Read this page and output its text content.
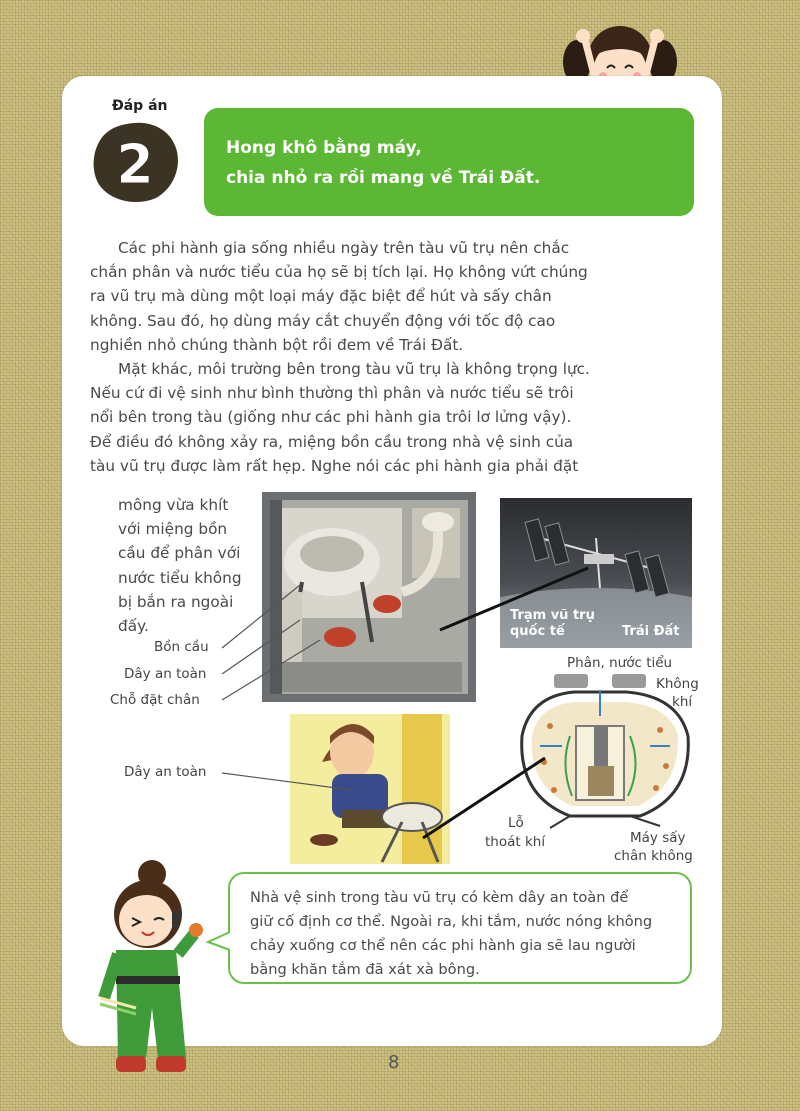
Đáp án
2	Hong khô bằng máy,
chia nhỏ ra rồi mang về Trái Đất.

Các phi hành gia sống nhiều ngày trên tàu vũ trụ nên chắc

chắn phân và nước tiểu của họ sẽ bị tích lại. Họ không vứt chúng

ra vũ trụ mà dùng một loại máy đặc biệt để hút và sấy chân

không. Sau đó, họ dùng máy cắt chuyển động với tốc độ cao

nghiền nhỏ chúng thành bột rồi đem về Trái Đất.

Mặt khác, môi trường bên trong tàu vũ trụ là không trọng lực.

Nếu cứ đi vệ sinh như bình thường thì phân và nước tiểu sẽ trôi

nổi bên trong tàu (giống như các phi hành gia trôi lơ lửng vậy).

Để điều đó không xảy ra, miệng bồn cầu trong nhà vệ sinh của

tàu vũ trụ được làm rất hẹp. Nghe nói các phi hành gia phải đặt

mông vừa khít
với miệng bồn
cầu để phân với
nước tiểu không
bị bắn ra ngoài
đấy.
Bồn cầu
Dây an toàn
Chỗ đặt chân
Dây an toàn
Trạm vũ trụ
quốc tế	Trái Đất
Phân, nước tiểu
Không
khí
Lỗ
thoát khí	Máy sấy
chân không
Nhà vệ sinh trong tàu vũ trụ có kèm dây an toàn để
giữ cố định cơ thể. Ngoài ra, khi tắm, nước nóng không
chảy xuống cơ thể nên các phi hành gia sẽ lau người
bằng khăn tắm đã xát xà bông.
8
